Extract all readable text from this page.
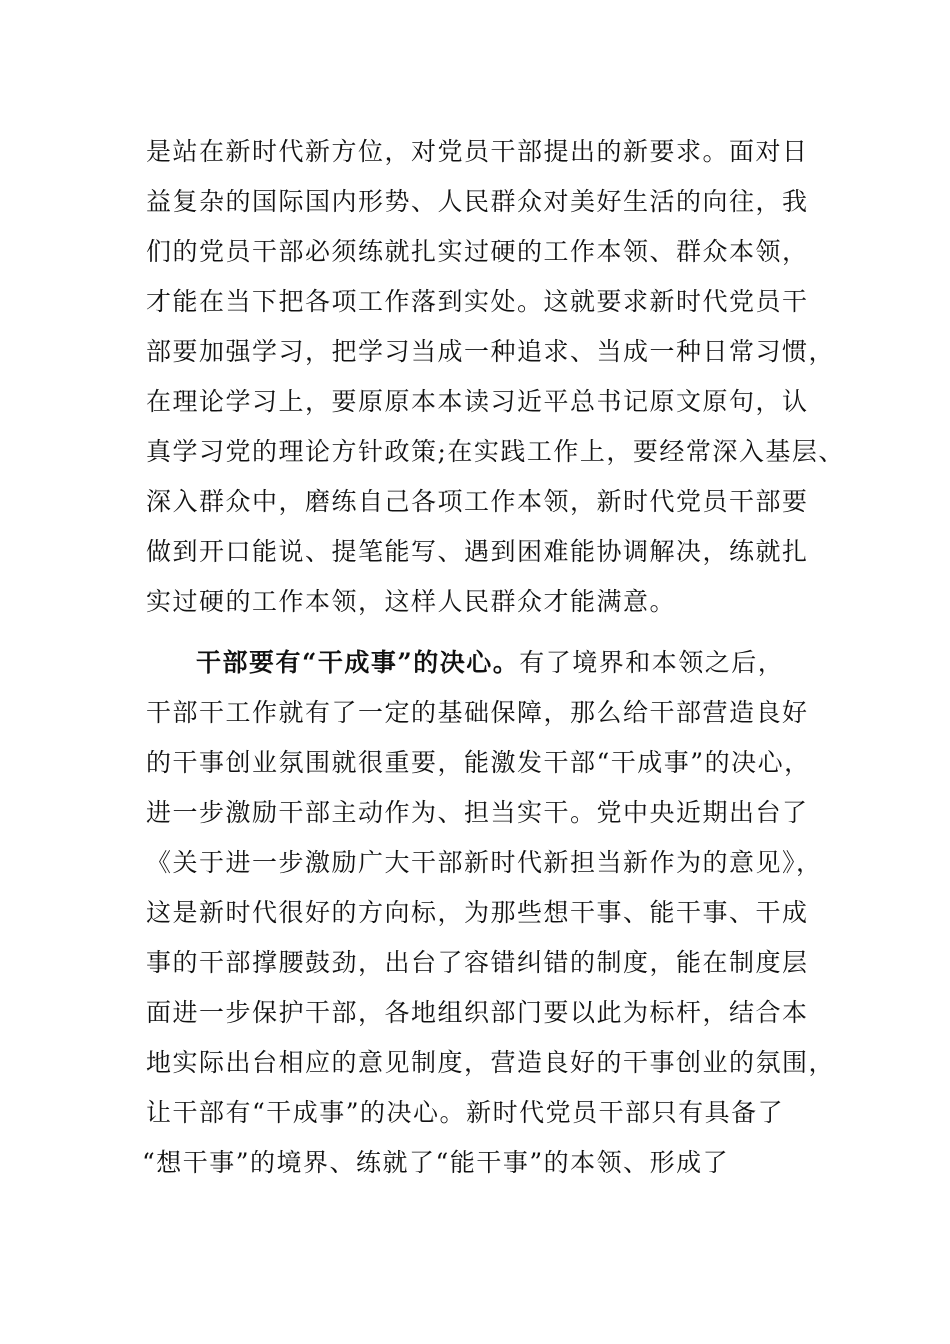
是站在新时代新方位，对党员干部提出的新要求。面对日
益复杂的国际国内形势、人民群众对美好生活的向往，我
们的党员干部必须练就扎实过硬的工作本领、群众本领，
才能在当下把各项工作落到实处。这就要求新时代党员干
部要加强学习，把学习当成一种追求、当成一种日常习惯，
在理论学习上，要原原本本读习近平总书记原文原句，认
真学习党的理论方针政策;在实践工作上，要经常深入基层、
深入群众中，磨练自己各项工作本领，新时代党员干部要
做到开口能说、提笔能写、遇到困难能协调解决，练就扎
实过硬的工作本领，这样人民群众才能满意。
干部要有“干成事”的决心。有了境界和本领之后，
干部干工作就有了一定的基础保障，那么给干部营造良好
的干事创业氛围就很重要，能激发干部“干成事”的决心，
进一步激励干部主动作为、担当实干。党中央近期出台了
《关于进一步激励广大干部新时代新担当新作为的意见》，
这是新时代很好的方向标，为那些想干事、能干事、干成
事的干部撑腰鼓劲，出台了容错纠错的制度，能在制度层
面进一步保护干部，各地组织部门要以此为标杆，结合本
地实际出台相应的意见制度，营造良好的干事创业的氛围，
让干部有“干成事”的决心。新时代党员干部只有具备了
“想干事”的境界、练就了“能干事”的本领、形成了
